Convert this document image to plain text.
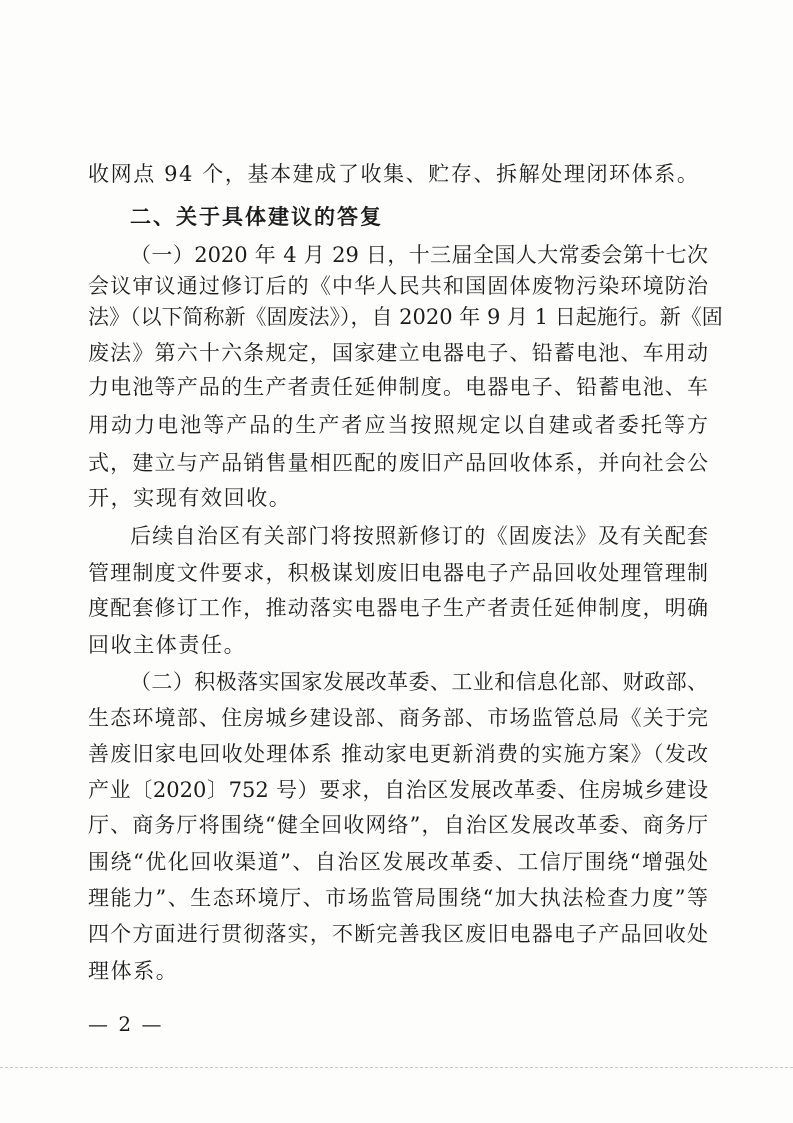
收网点 94 个，基本建成了收集、贮存、拆解处理闭环体系。
二、关于具体建议的答复
（一）2020 年 4 月 29 日，十三届全国人大常委会第十七次
会议审议通过修订后的《中华人民共和国固体废物污染环境防治
法》（以下简称新《固废法》），自 2020 年 9 月 1 日起施行。新《固
废法》第六十六条规定，国家建立电器电子、铅蓄电池、车用动
力电池等产品的生产者责任延伸制度。电器电子、铅蓄电池、车
用动力电池等产品的生产者应当按照规定以自建或者委托等方
式，建立与产品销售量相匹配的废旧产品回收体系，并向社会公
开，实现有效回收。
后续自治区有关部门将按照新修订的《固废法》及有关配套
管理制度文件要求，积极谋划废旧电器电子产品回收处理管理制
度配套修订工作，推动落实电器电子生产者责任延伸制度，明确
回收主体责任。
（二）积极落实国家发展改革委、工业和信息化部、财政部、
生态环境部、住房城乡建设部、商务部、市场监管总局《关于完
善废旧家电回收处理体系 推动家电更新消费的实施方案》（发改
产业〔2020〕752 号）要求，自治区发展改革委、住房城乡建设
厅、商务厅将围绕“健全回收网络”，自治区发展改革委、商务厅
围绕“优化回收渠道”、自治区发展改革委、工信厅围绕“增强处
理能力”、生态环境厅、市场监管局围绕“加大执法检查力度”等
四个方面进行贯彻落实，不断完善我区废旧电器电子产品回收处
理体系。
— 2 —
